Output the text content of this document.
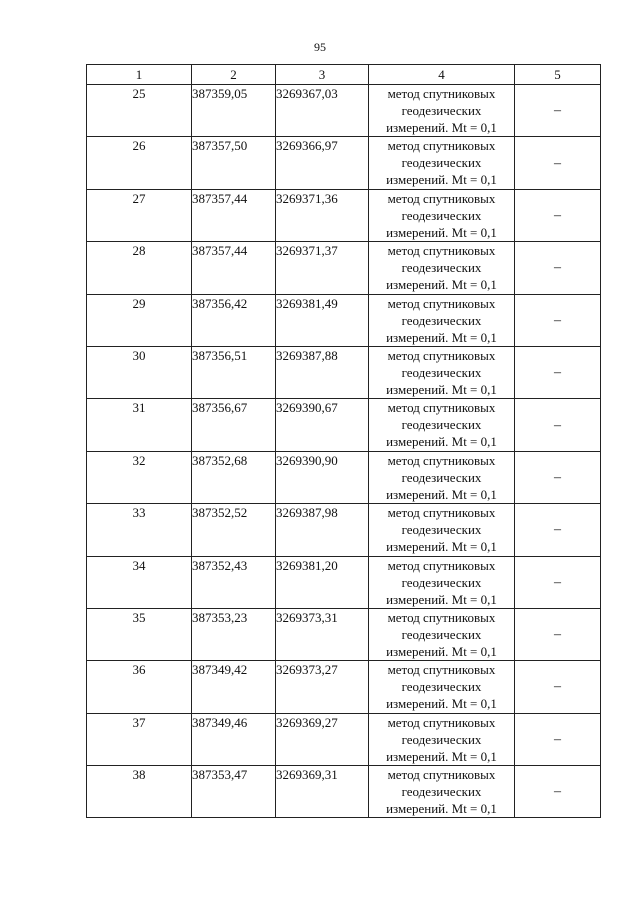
95
1	2	3	4	5
25	387359,05	3269367,03	метод спутниковых
геодезических
измерений. Mt = 0,1	–
26	387357,50	3269366,97	метод спутниковых
геодезических
измерений. Mt = 0,1	–
27	387357,44	3269371,36	метод спутниковых
геодезических
измерений. Mt = 0,1	–
28	387357,44	3269371,37	метод спутниковых
геодезических
измерений. Mt = 0,1	–
29	387356,42	3269381,49	метод спутниковых
геодезических
измерений. Mt = 0,1	–
30	387356,51	3269387,88	метод спутниковых
геодезических
измерений. Mt = 0,1	–
31	387356,67	3269390,67	метод спутниковых
геодезических
измерений. Mt = 0,1	–
32	387352,68	3269390,90	метод спутниковых
геодезических
измерений. Mt = 0,1	–
33	387352,52	3269387,98	метод спутниковых
геодезических
измерений. Mt = 0,1	–
34	387352,43	3269381,20	метод спутниковых
геодезических
измерений. Mt = 0,1	–
35	387353,23	3269373,31	метод спутниковых
геодезических
измерений. Mt = 0,1	–
36	387349,42	3269373,27	метод спутниковых
геодезических
измерений. Mt = 0,1	–
37	387349,46	3269369,27	метод спутниковых
геодезических
измерений. Mt = 0,1	–
38	387353,47	3269369,31	метод спутниковых
геодезических
измерений. Mt = 0,1	–
